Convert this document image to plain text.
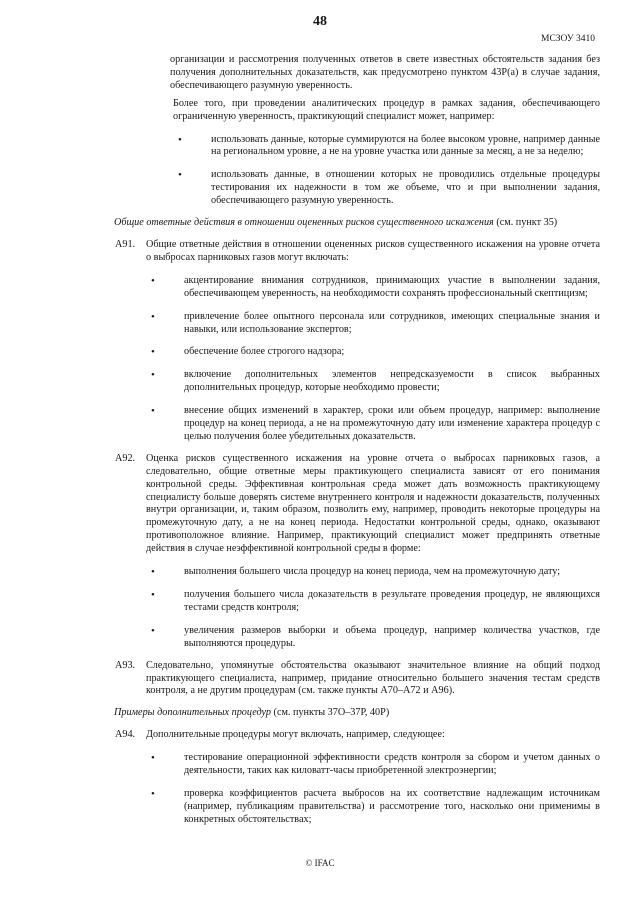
48
МСЗОУ 3410

организации и рассмотрения полученных ответов в свете известных обстоятельств задания без получения дополнительных доказательств, как предусмотрено пунктом 43Р(а) в случае задания, обеспечивающего разумную уверенность.

Более того, при проведении аналитических процедур в рамках задания, обеспечивающего ограниченную уверенность, практикующий специалист может, например:

• использовать данные, которые суммируются на более высоком уровне, например данные на региональном уровне, а не на уровне участка или данные за месяц, а не за неделю;
• использовать данные, в отношении которых не проводились отдельные процедуры тестирования их надежности в том же объеме, что и при выполнении задания, обеспечивающего разумную уверенность.

Общие ответные действия в отношении оцененных рисков существенного искажения (см. пункт 35)

А91.	Общие ответные действия в отношении оцененных рисков существенного искажения на уровне отчета о выбросах парниковых газов могут включать:

• акцентирование внимания сотрудников, принимающих участие в выполнении задания, обеспечивающем уверенность, на необходимости сохранять профессиональный скептицизм;
• привлечение более опытного персонала или сотрудников, имеющих специальные знания и навыки, или использование экспертов;
• обеспечение более строгого надзора;
• включение дополнительных элементов непредсказуемости в список выбранных дополнительных процедур, которые необходимо провести;
• внесение общих изменений в характер, сроки или объем процедур, например: выполнение процедур на конец периода, а не на промежуточную дату или изменение характера процедур с целью получения более убедительных доказательств.
А92.	Оценка рисков существенного искажения на уровне отчета о выбросах парниковых газов, а следовательно, общие ответные меры практикующего специалиста зависят от его понимания контрольной среды. Эффективная контрольная среда может дать возможность практикующему специалисту больше доверять системе внутреннего контроля и надежности доказательств, полученных внутри организации, и, таким образом, позволить ему, например, проводить некоторые процедуры на промежуточную дату, а не на конец периода. Недостатки контрольной среды, однако, оказывают противоположное влияние. Например, практикующий специалист может предпринять ответные действия в случае неэффективной контрольной среды в форме:

• выполнения большего числа процедур на конец периода, чем на промежуточную дату;
• получения большего числа доказательств в результате проведения процедур, не являющихся тестами средств контроля;
• увеличения размеров выборки и объема процедур, например количества участков, где выполняются процедуры.
А93.	Следовательно, упомянутые обстоятельства оказывают значительное влияние на общий подход практикующего специалиста, например, придание относительно большего значения тестам средств контроля, а не другим процедурам (см. также пункты А70–А72 и А96).

Примеры дополнительных процедур (см. пункты 37О–37Р, 40Р)

А94.	Дополнительные процедуры могут включать, например, следующее:

• тестирование операционной эффективности средств контроля за сбором и учетом данных о деятельности, таких как киловатт-часы приобретенной электроэнергии;
• проверка коэффициентов расчета выбросов на их соответствие надлежащим источникам (например, публикациям правительства) и рассмотрение того, насколько они применимы в конкретных обстоятельствах;
© IFAC
